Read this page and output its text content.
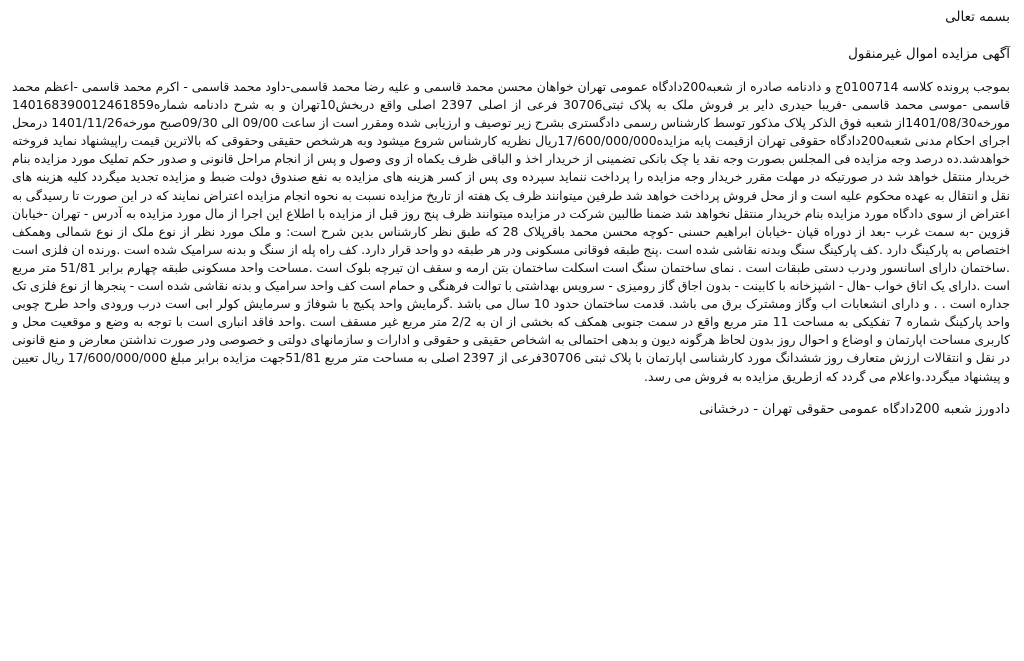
بسمه تعالی
آگهی مزایده اموال غیرمنقول

بموجب پرونده کلاسه 0100714ج و دادنامه صادره از شعبه200دادگاه عمومی تهران خواهان محسن محمد قاسمی و علیه رضا محمد قاسمی-داود محمد قاسمی - اکرم محمد قاسمی -اعظم محمد قاسمی -موسی محمد قاسمی -فریبا حیدری دایر بر فروش ملک به پلاک ثبتی30706 فرعی از اصلی 2397 اصلی واقع دربخش10تهران و به شرح دادنامه شماره140168390012461859 مورخه1401/08/30از شعبه فوق الذکر پلاک مذکور توسط کارشناس رسمی دادگستری بشرح زیر توصیف و ارزیابی شده ومقرر است از ساعت 09/00 الی 09/30صبح مورخه1401/11/26 درمحل اجرای احکام مدنی شعبه200دادگاه حقوقی تهران ازقیمت پایه مزایده17/600/000/000ریال نظریه کارشناس شروع میشود وبه هرشخص حقیقی وحقوقی که بالاترین قیمت راپیشنهاد نماید فروخته خواهدشد.ده درصد وجه مزایده فی المجلس بصورت وجه نقد یا چک بانکی تضمینی از خریدار اخذ و الباقی ظرف یکماه از وی وصول و پس از انجام مراحل قانونی و صدور حکم تملیک مورد مزایده بنام خریدار منتقل خواهد شد در صورتیکه در مهلت مقرر خریدار وجه مزایده را پرداخت ننماید سپرده وی پس از کسر هزینه های مزایده به نفع صندوق دولت ضبط و مزایده تجدید میگردد کلیه هزینه های نقل و انتقال به عهده محکوم علیه است و از محل فروش پرداخت خواهد شد طرفین میتوانند ظرف یک هفته از تاریخ مزایده نسبت به نحوه انجام مزایده اعتراض نمایند که در این صورت تا رسیدگی به اعتراض از سوی دادگاه مورد مزایده بنام خریدار منتقل نخواهد شد ضمنا طالبین شرکت در مزایده میتوانند ظرف پنج روز قبل از مزایده با اطلاع این اجرا از مال مورد مزایده به آدرس - تهران -خیابان قزوین -به سمت غرب -بعد از دوراه قپان -خیابان ابراهیم حسنی -کوچه محسن محمد باقرپلاک 28 که طبق نظر کارشناس بدین شرح است: و ملک مورد نظر از نوع ملک از نوع شمالی وهمکف اختصاص به پارکینگ دارد .کف پارکینگ سنگ وبدنه نقاشی شده است .پنج طبقه فوقانی مسکونی ودر هر طبقه دو واحد قرار دارد. کف راه پله از سنگ و بدنه سرامیک شده است .ورنده ان فلزی است .ساختمان دارای اسانسور ودرب دستی طبقات است . نمای ساختمان سنگ است اسکلت ساختمان بتن ارمه و سقف ان تیرچه بلوک است .مساحت واحد مسکونی طبقه چهارم برابر 51/81 متر مربع است .دارای یک اتاق خواب -هال - اشپزخانه با کابینت - بدون اجاق گاز رومیزی - سرویس بهداشتی با توالت فرهنگی و حمام است کف واحد سرامیک و بدنه نقاشی شده است - پنجرها از نوع فلزی تک جداره است . . و دارای انشعابات اب وگاز ومشترک برق می باشد. قدمت ساختمان حدود 10 سال می باشد .گرمایش واحد پکیج با شوفاژ و سرمایش کولر ابی است درب ورودی واحد طرح چوبی واحد پارکینگ شماره 7 تفکیکی به مساحت 11 متر مربع واقع در سمت جنوبی همکف که بخشی از ان به 2/2 متر مربع غیر مسقف است .واحد فاقد انباری است با توجه به وضع و موقعیت محل و کاربری مساحت اپارتمان و اوضاع و احوال روز بدون لحاظ هرگونه دیون و بدهی احتمالی به اشخاص حقیقی و حقوقی و ادارات و سازمانهای دولتی و خصوصی ودر صورت نداشتن معارض و منع قانونی در نقل و انتقالات ارزش متعارف روز ششدانگ مورد کارشناسی اپارتمان با پلاک ثبتی 30706فرعی از 2397 اصلی به مساحت متر مربع 51/81جهت مزایده برابر مبلغ 17/600/000/000 ریال تعیین و پیشنهاد میگردد.واعلام می گردد که ازطریق مزایده به فروش می رسد.

دادورز شعبه 200دادگاه عمومی حقوقی تهران - درخشانی
